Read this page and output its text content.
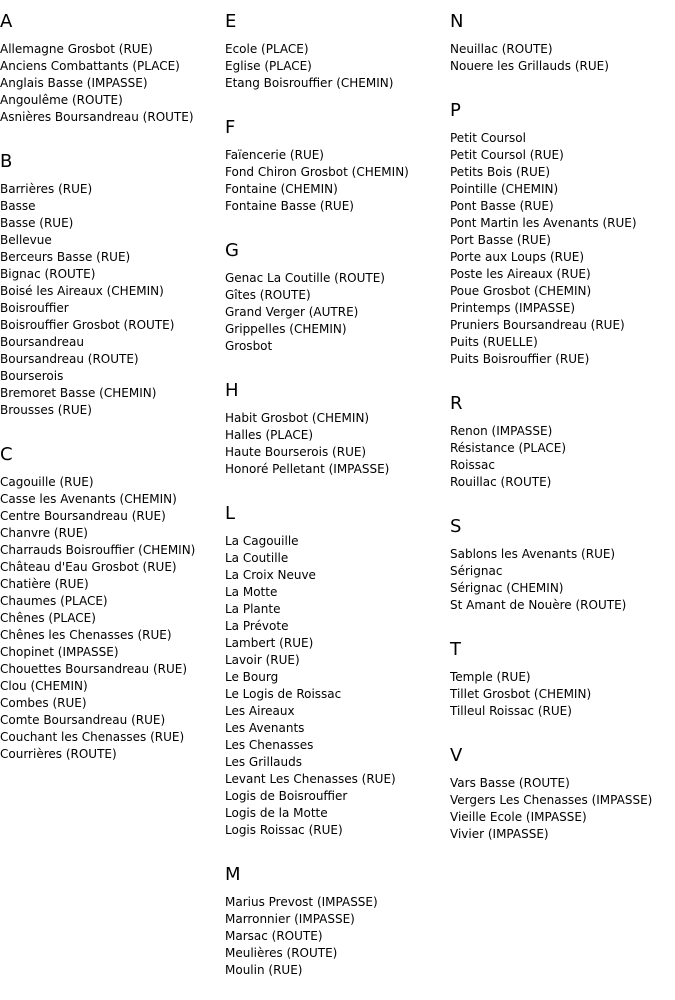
A
Allemagne Grosbot (RUE)
Anciens Combattants (PLACE)
Anglais Basse (IMPASSE)
Angoulême (ROUTE)
Asnières Boursandreau (ROUTE)
B
Barrières (RUE)
Basse
Basse (RUE)
Bellevue
Berceurs Basse (RUE)
Bignac (ROUTE)
Boisé les Aireaux (CHEMIN)
Boisrouffier
Boisrouffier Grosbot (ROUTE)
Boursandreau
Boursandreau (ROUTE)
Bourserois
Bremoret Basse (CHEMIN)
Brousses (RUE)
C
Cagouille (RUE)
Casse les Avenants (CHEMIN)
Centre Boursandreau (RUE)
Chanvre (RUE)
Charrauds Boisrouffier (CHEMIN)
Château d'Eau Grosbot (RUE)
Chatière (RUE)
Chaumes (PLACE)
Chênes (PLACE)
Chênes les Chenasses (RUE)
Chopinet (IMPASSE)
Chouettes Boursandreau (RUE)
Clou (CHEMIN)
Combes (RUE)
Comte Boursandreau (RUE)
Couchant les Chenasses (RUE)
Courrières (ROUTE)
E
Ecole (PLACE)
Eglise (PLACE)
Etang Boisrouffier (CHEMIN)
F
Faïencerie (RUE)
Fond Chiron Grosbot (CHEMIN)
Fontaine (CHEMIN)
Fontaine Basse (RUE)
G
Genac La Coutille (ROUTE)
Gîtes (ROUTE)
Grand Verger (AUTRE)
Grippelles (CHEMIN)
Grosbot
H
Habit Grosbot (CHEMIN)
Halles (PLACE)
Haute Bourserois (RUE)
Honoré Pelletant (IMPASSE)
L
La Cagouille
La Coutille
La Croix Neuve
La Motte
La Plante
La Prévote
Lambert (RUE)
Lavoir (RUE)
Le Bourg
Le Logis de Roissac
Les Aireaux
Les Avenants
Les Chenasses
Les Grillauds
Levant Les Chenasses (RUE)
Logis de Boisrouffier
Logis de la Motte
Logis Roissac (RUE)
M
Marius Prevost (IMPASSE)
Marronnier (IMPASSE)
Marsac (ROUTE)
Meulières (ROUTE)
Moulin (RUE)
N
Neuillac (ROUTE)
Nouere les Grillauds (RUE)
P
Petit Coursol
Petit Coursol (RUE)
Petits Bois (RUE)
Pointille (CHEMIN)
Pont Basse (RUE)
Pont Martin les Avenants (RUE)
Port Basse (RUE)
Porte aux Loups (RUE)
Poste les Aireaux (RUE)
Poue Grosbot (CHEMIN)
Printemps (IMPASSE)
Pruniers Boursandreau (RUE)
Puits (RUELLE)
Puits Boisrouffier (RUE)
R
Renon (IMPASSE)
Résistance (PLACE)
Roissac
Rouillac (ROUTE)
S
Sablons les Avenants (RUE)
Sérignac
Sérignac (CHEMIN)
St Amant de Nouère (ROUTE)
T
Temple (RUE)
Tillet Grosbot (CHEMIN)
Tilleul Roissac (RUE)
V
Vars Basse (ROUTE)
Vergers Les Chenasses (IMPASSE)
Vieille Ecole (IMPASSE)
Vivier (IMPASSE)
